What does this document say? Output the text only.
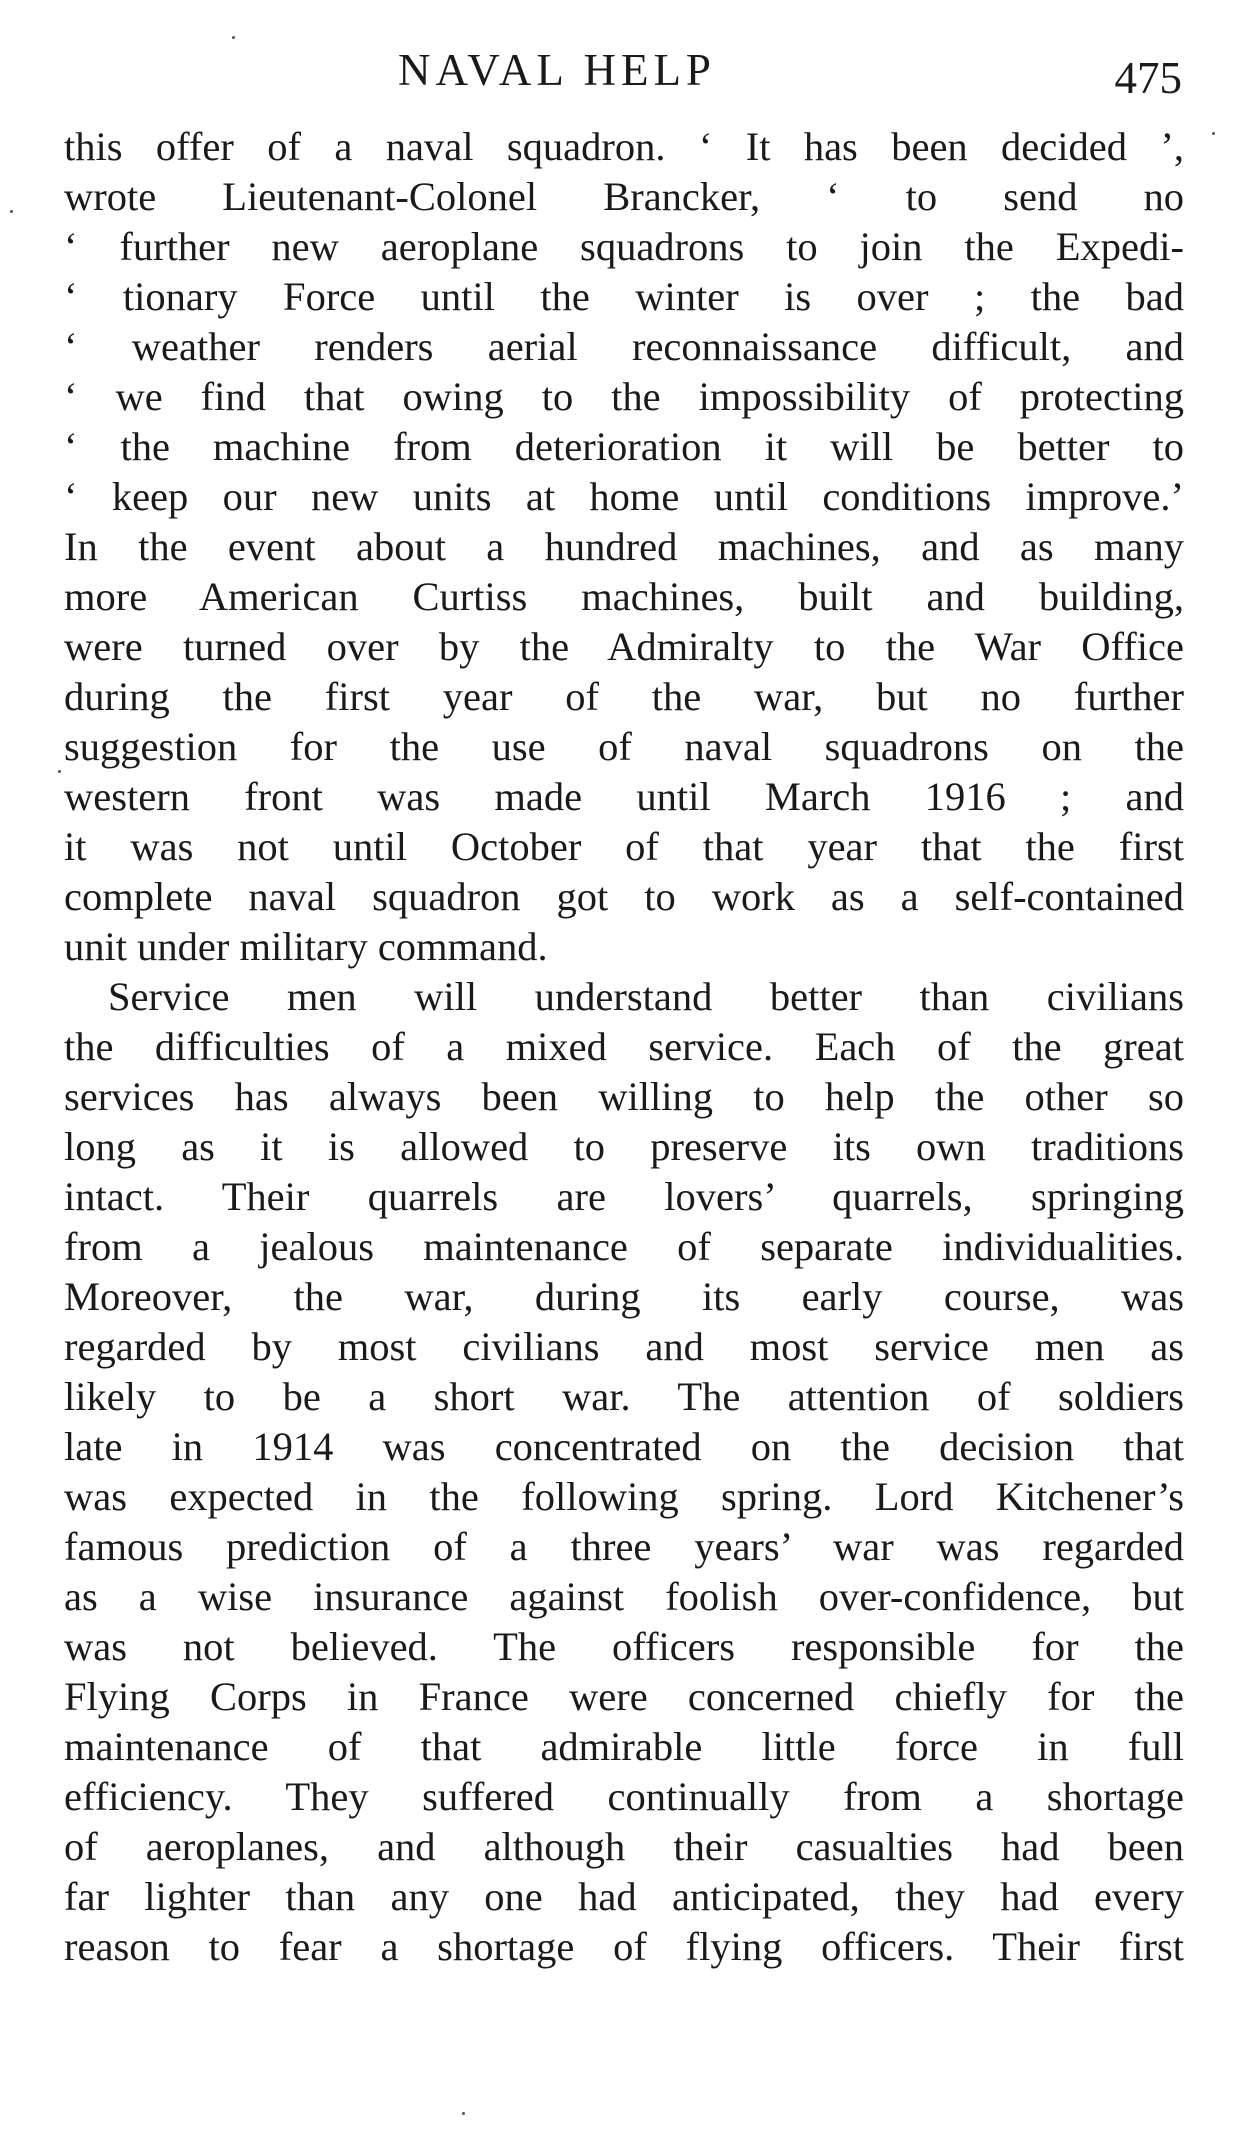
NAVAL HELP	475
this offer of a naval squadron. ‘ It has been decided ’,
wrote Lieutenant-Colonel Brancker, ‘ to send no
‘ further new aeroplane squadrons to join the Expedi-
‘ tionary Force until the winter is over ; the bad
‘ weather renders aerial reconnaissance difficult, and
‘ we find that owing to the impossibility of protecting
‘ the machine from deterioration it will be better to
‘ keep our new units at home until conditions improve.’
In the event about a hundred machines, and as many
more American Curtiss machines, built and building,
were turned over by the Admiralty to the War Office
during the first year of the war, but no further
suggestion for the use of naval squadrons on the
western front was made until March 1916 ; and
it was not until October of that year that the first
complete naval squadron got to work as a self-contained
unit under military command.
Service men will understand better than civilians
the difficulties of a mixed service. Each of the great
services has always been willing to help the other so
long as it is allowed to preserve its own traditions
intact. Their quarrels are lovers’ quarrels, springing
from a jealous maintenance of separate individualities.
Moreover, the war, during its early course, was
regarded by most civilians and most service men as
likely to be a short war. The attention of soldiers
late in 1914 was concentrated on the decision that
was expected in the following spring. Lord Kitchener’s
famous prediction of a three years’ war was regarded
as a wise insurance against foolish over-confidence, but
was not believed. The officers responsible for the
Flying Corps in France were concerned chiefly for the
maintenance of that admirable little force in full
efficiency. They suffered continually from a shortage
of aeroplanes, and although their casualties had been
far lighter than any one had anticipated, they had every
reason to fear a shortage of flying officers. Their first
